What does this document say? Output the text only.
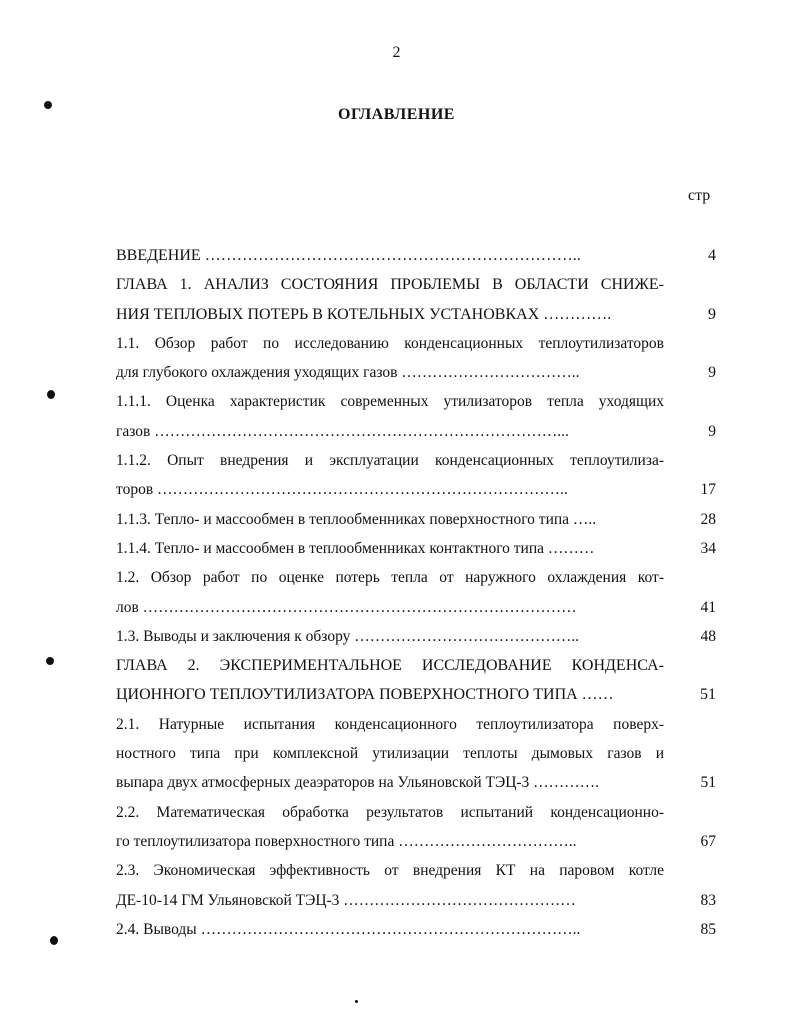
2
ОГЛАВЛЕНИЕ
стр
ВВЕДЕНИЕ ……………………………………………………………..	4
ГЛАВА 1. АНАЛИЗ СОСТОЯНИЯ ПРОБЛЕМЫ В ОБЛАСТИ СНИЖЕ-
НИЯ ТЕПЛОВЫХ ПОТЕРЬ В КОТЕЛЬНЫХ УСТАНОВКАХ ………….	9
1.1. Обзор работ по исследованию конденсационных теплоутилизаторов
для глубокого охлаждения уходящих газов ……………………………..	9
1.1.1. Оценка характеристик современных утилизаторов тепла уходящих
газов ……………………………………………………………………...	9
1.1.2. Опыт внедрения и эксплуатации конденсационных теплоутилиза-
торов ……………………………………………………………………..	17
1.1.3. Тепло- и массообмен в теплообменниках поверхностного типа …..	28
1.1.4. Тепло- и массообмен в теплообменниках контактного типа ………	34
1.2. Обзор работ по оценке потерь тепла от наружного охлаждения кот-
лов …………………………………………………………………………	41
1.3. Выводы и заключения к обзору ……………………………………..	48
ГЛАВА 2. ЭКСПЕРИМЕНТАЛЬНОЕ ИССЛЕДОВАНИЕ КОНДЕНСА-
ЦИОННОГО ТЕПЛОУТИЛИЗАТОРА ПОВЕРХНОСТНОГО ТИПА ……	51
2.1. Натурные испытания конденсационного теплоутилизатора поверх-
ностного типа при комплексной утилизации теплоты дымовых газов и
выпара двух атмосферных деаэраторов на Ульяновской ТЭЦ-3 ………….	51
2.2. Математическая обработка результатов испытаний конденсационно-
го теплоутилизатора поверхностного типа ……………………………..	67
2.3. Экономическая эффективность от внедрения КТ на паровом котле
ДЕ-10-14 ГМ Ульяновской ТЭЦ-3 ………………………………………	83
2.4. Выводы ………………………………………………………………..	85
